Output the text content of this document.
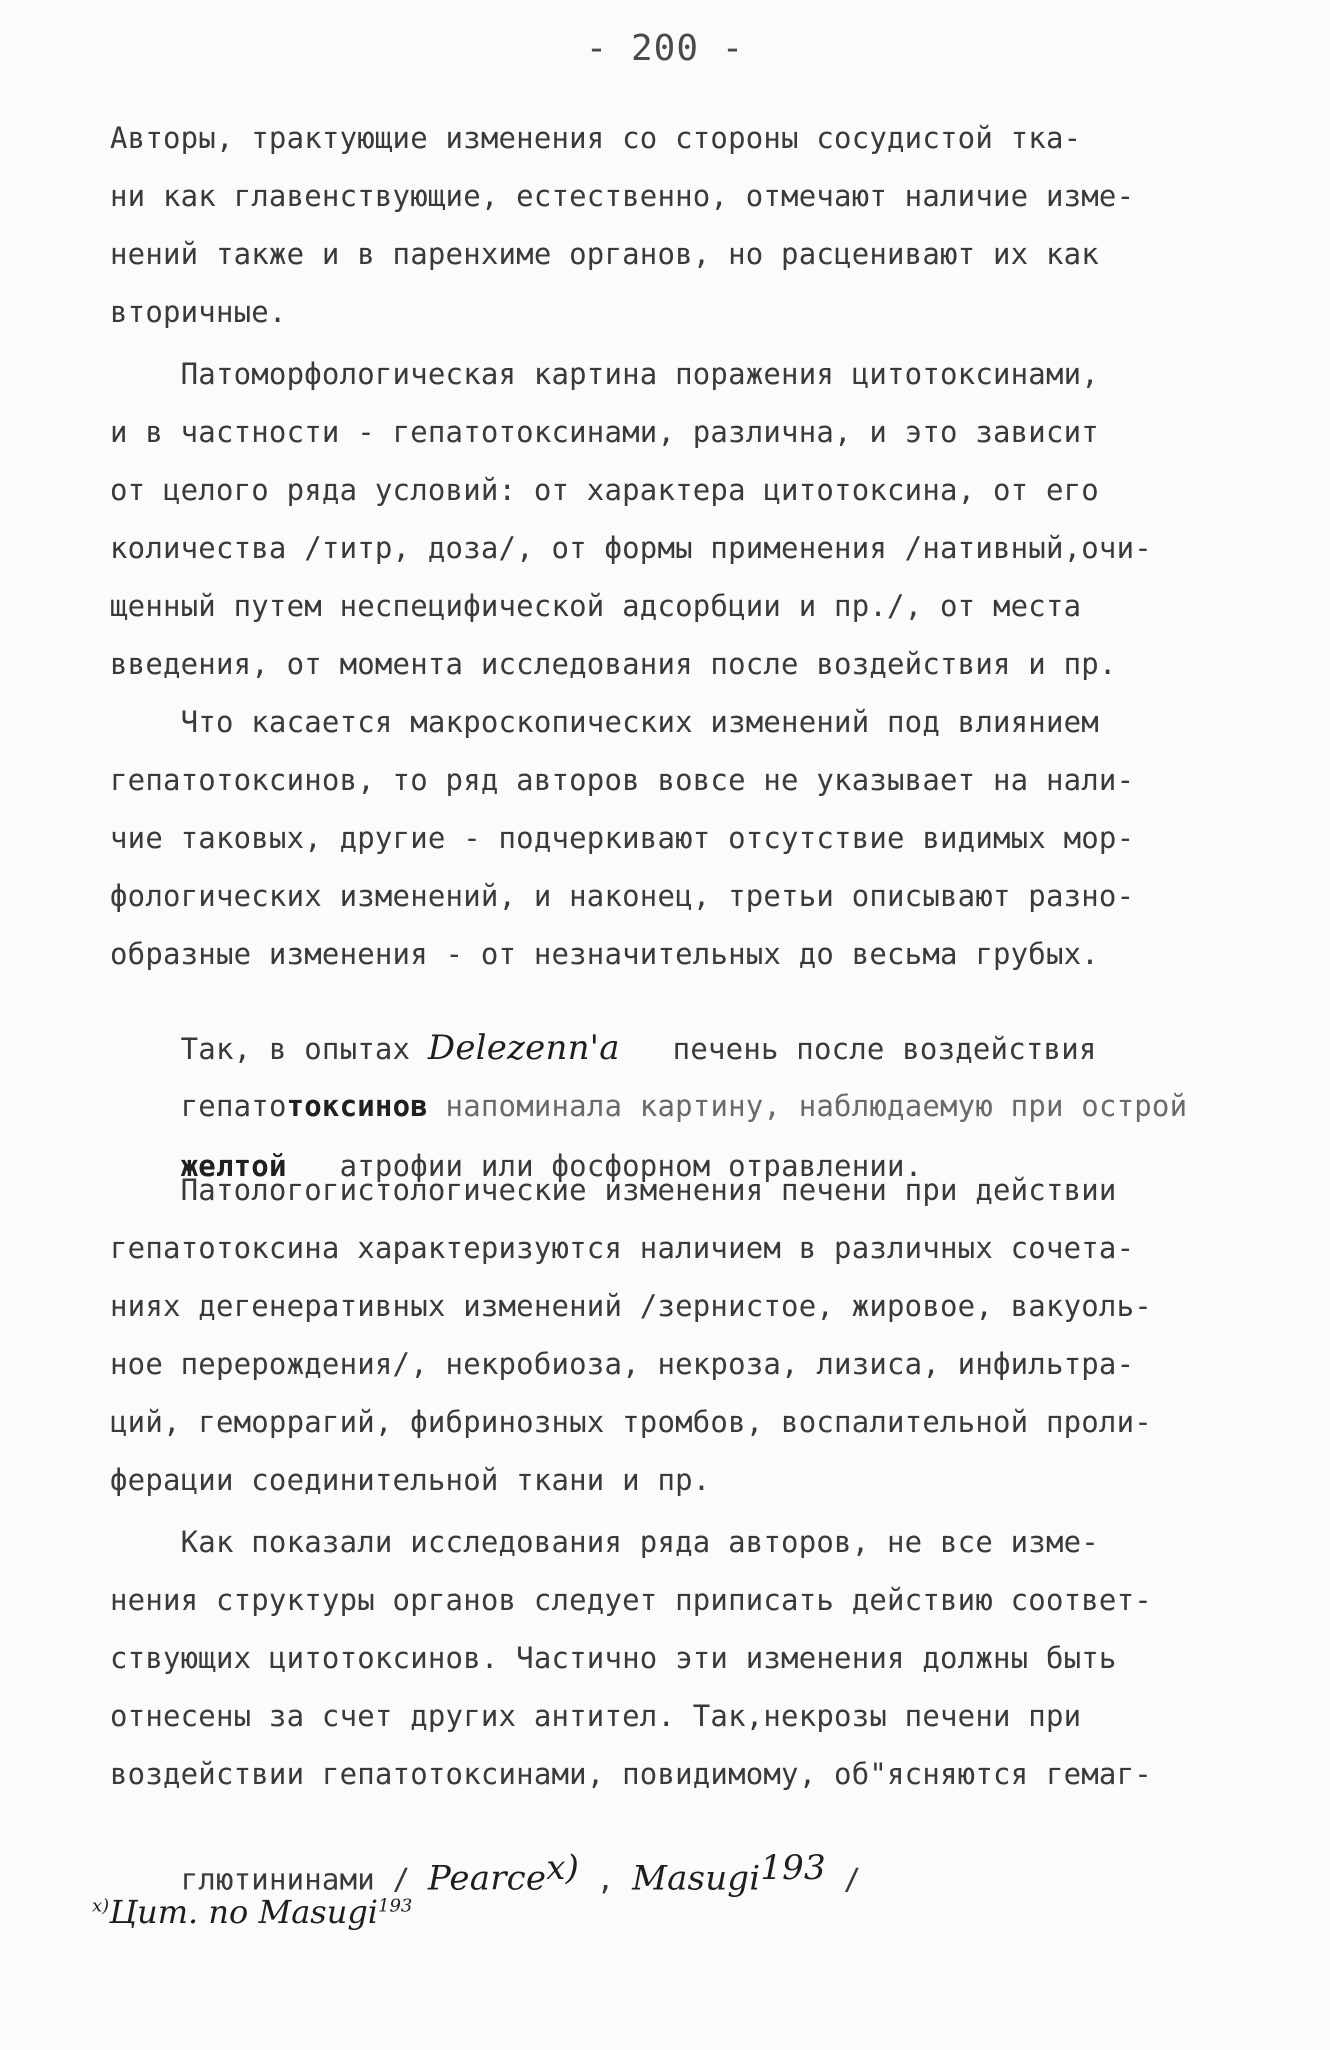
- 200 -
Авторы, трактующие изменения со стороны сосудистой тка-
ни как главенствующие, естественно, отмечают наличие изме-
нений также и в паренхиме органов, но расценивают их как
вторичные.
Патоморфологическая картина поражения цитотоксинами,
и в частности - гепатотоксинами, различна, и это зависит
от целого ряда условий: от характера цитотоксина, от его
количества /титр, доза/, от формы применения /нативный,очи-
щенный путем неспецифической адсорбции и пр./, от места
введения, от момента исследования после воздействия и пр.
Что касается макроскопических изменений под влиянием
гепатотоксинов, то ряд авторов вовсе не указывает на нали-
чие таковых, другие - подчеркивают отсутствие видимых мор-
фологических изменений, и наконец, третьи описывают разно-
образные изменения - от незначительных до весьма грубых.

Так, в опытах Delezenn'a   печень после воздействия

гепатотоксинов напоминала картину, наблюдаемую при острой

желтой   атрофии или фосфорном отравлении.

Патологогистологические изменения печени при действии
гепатотоксина характеризуются наличием в различных сочета-
ниях дегенеративных изменений /зернистое, жировое, вакуоль-
ное перерождения/, некробиоза, некроза, лизиса, инфильтра-
ций, геморрагий, фибринозных тромбов, воспалительной проли-
ферации соединительной ткани и пр.
Как показали исследования ряда авторов, не все изме-
нения структуры органов следует приписать действию соответ-
ствующих цитотоксинов. Частично эти изменения должны быть
отнесены за счет других антител. Так,некрозы печени при
воздействии гепатотоксинами, повидимому, об"ясняются гемаг-

глютининами / Pearce$^{x)}$ , Masugi$^{193}$ /

$^{x)}$Цит. по Masugi$^{193}$
